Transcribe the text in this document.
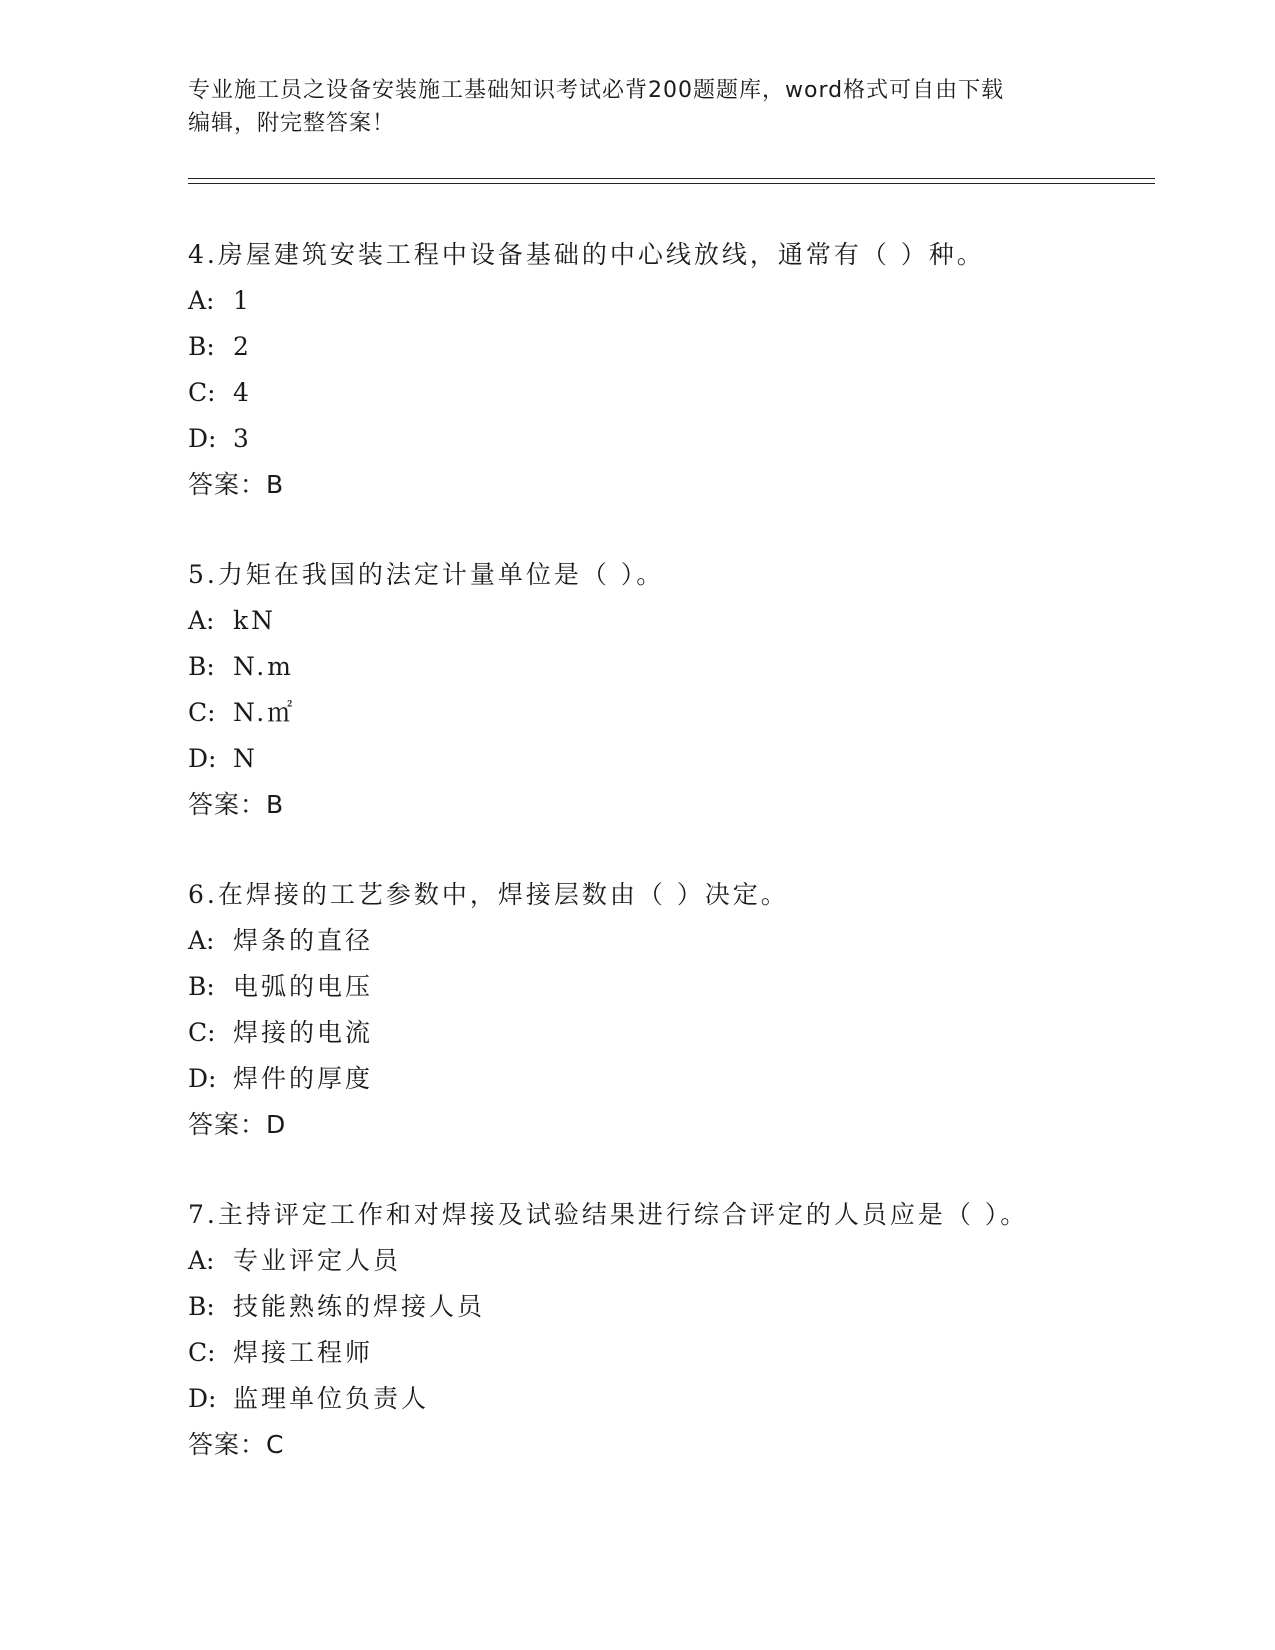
专业施工员之设备安装施工基础知识考试必背200题题库，word格式可自由下载
编辑，附完整答案！
4.房屋建筑安装工程中设备基础的中心线放线，通常有（ ）种。
A: 1
B: 2
C: 4
D: 3
答案：B
5.力矩在我国的法定计量单位是（ ）。
A: kN
B: N.m
C: N.㎡
D: N
答案：B
6.在焊接的工艺参数中，焊接层数由（ ）决定。
A: 焊条的直径
B: 电弧的电压
C: 焊接的电流
D: 焊件的厚度
答案：D
7.主持评定工作和对焊接及试验结果进行综合评定的人员应是（ ）。
A: 专业评定人员
B: 技能熟练的焊接人员
C: 焊接工程师
D: 监理单位负责人
答案：C
